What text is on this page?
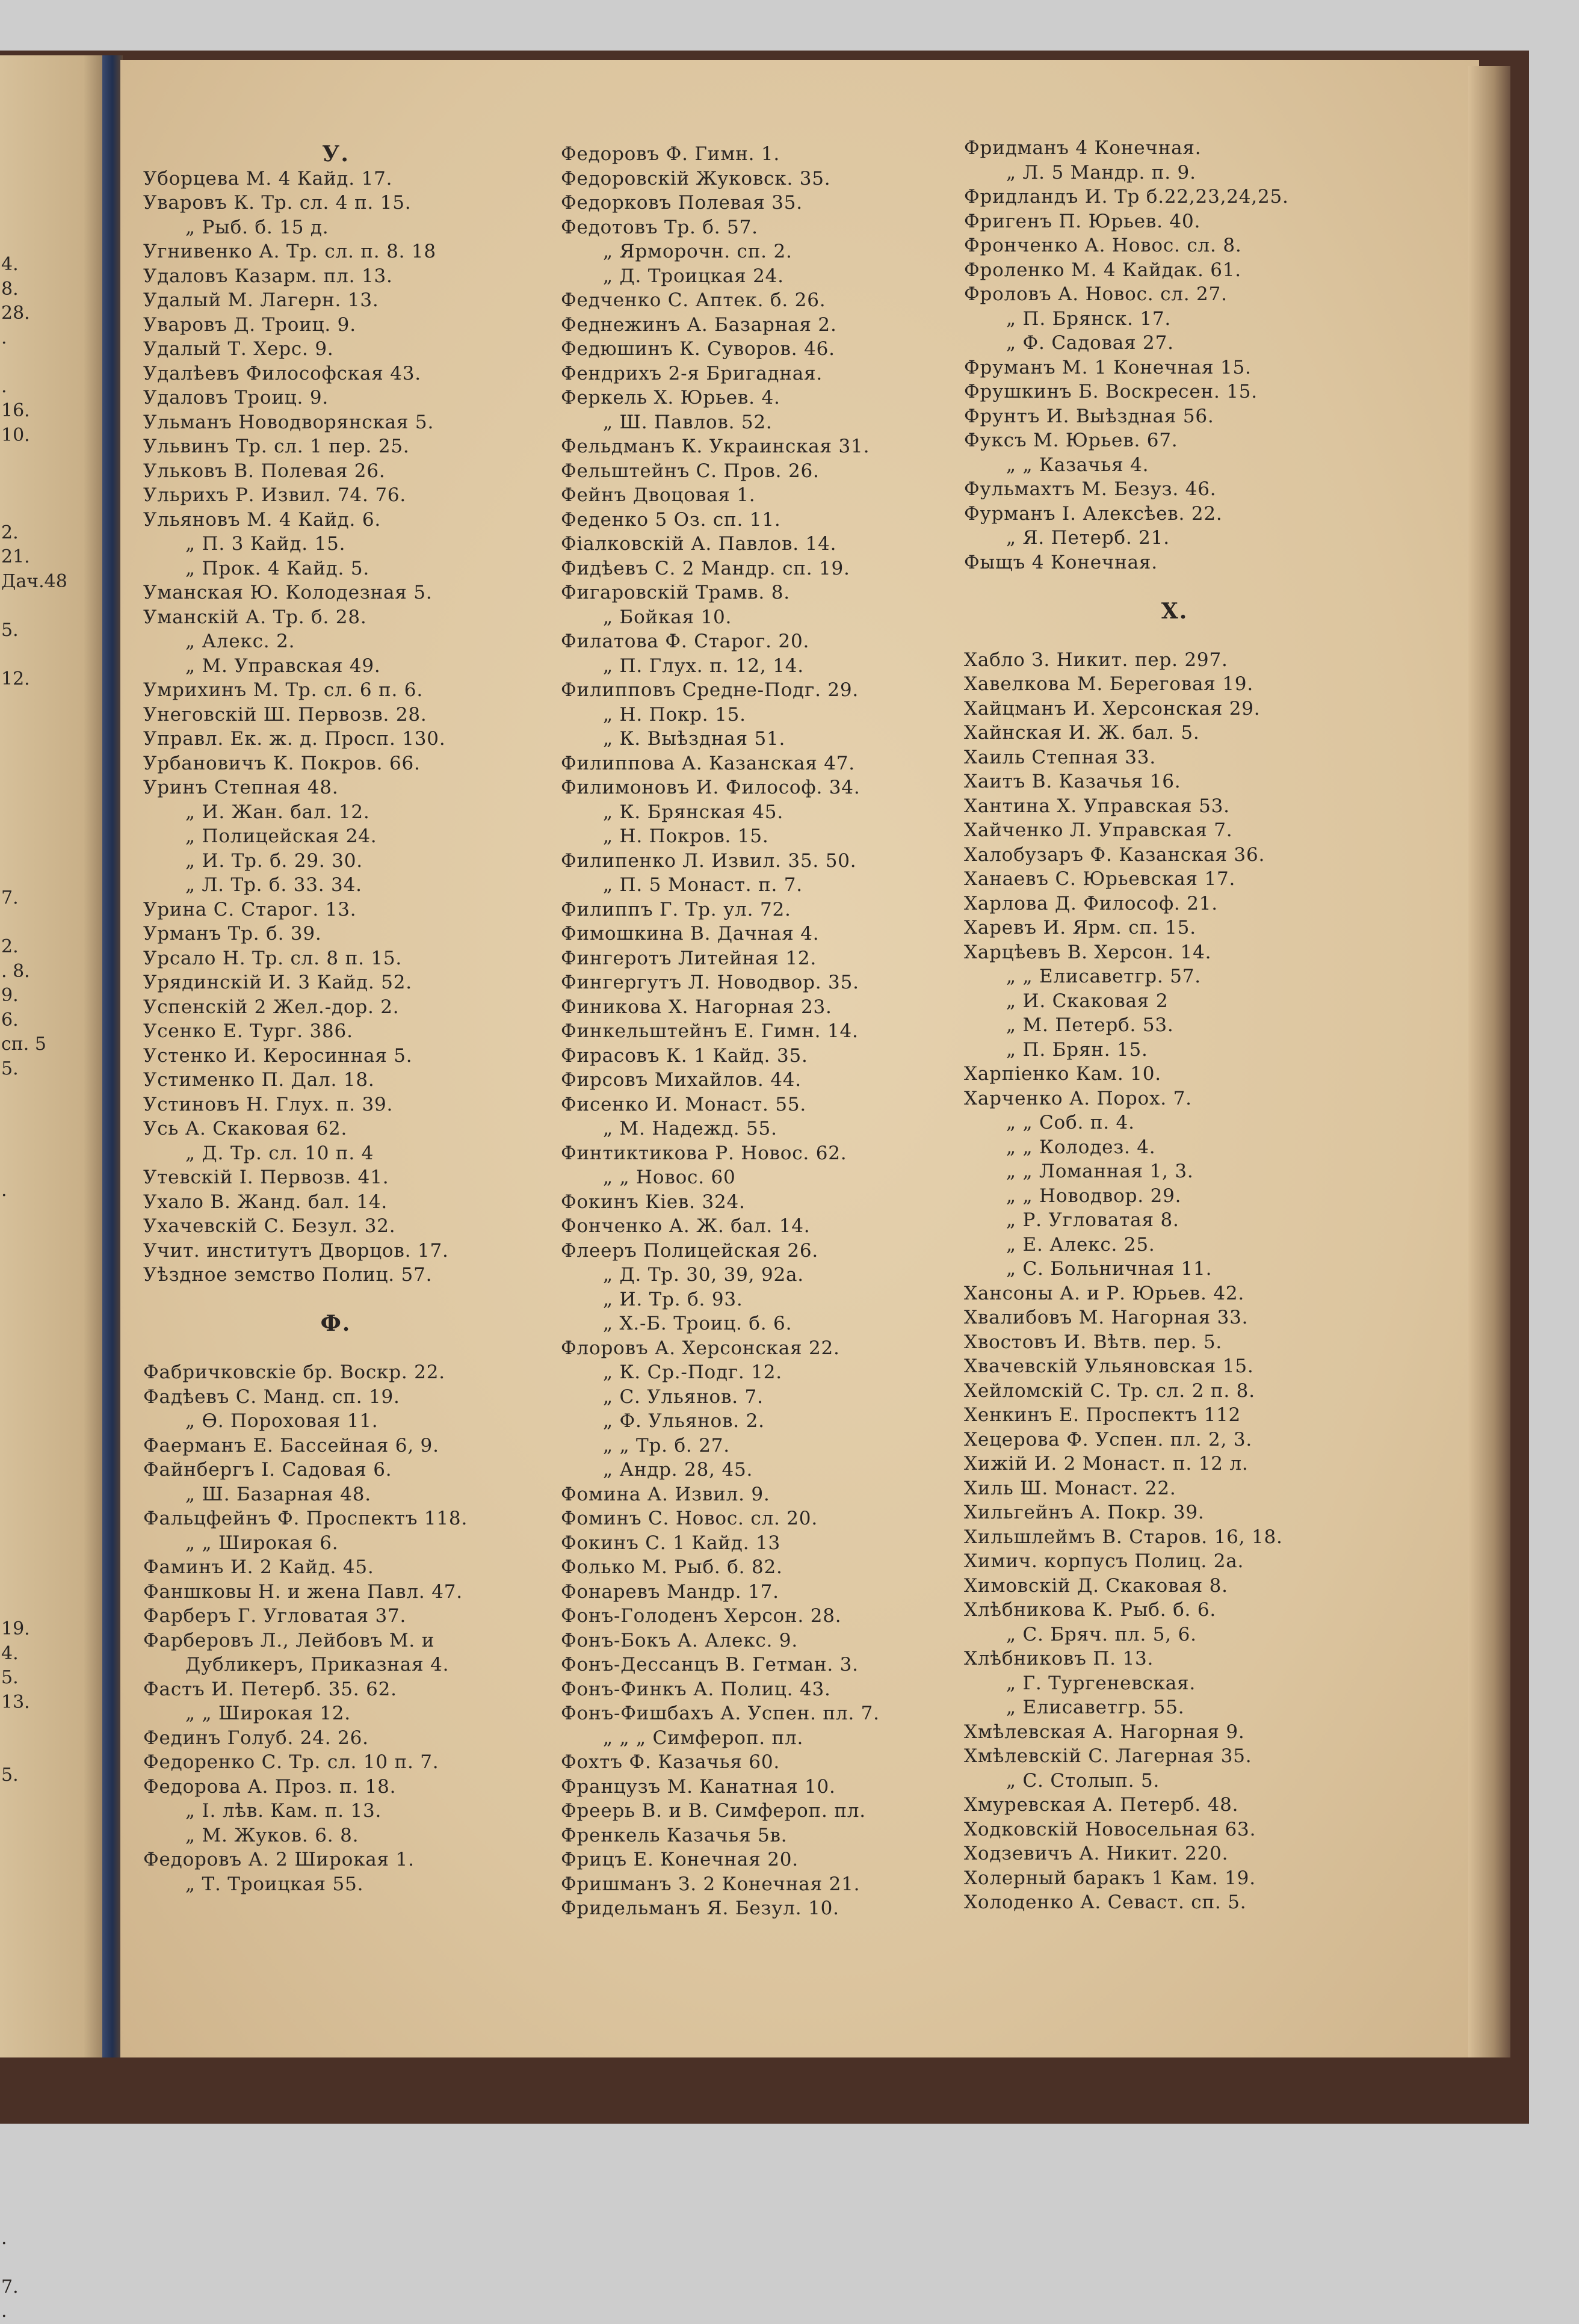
4.
8.
28.
.
.
16.
10.
2.
21.
Дач.48
5.
12.
7.
2.
. 8.
9.
6.
сп. 5
5.
.
19.
4.
5.
13.
5.
.
7.
.
У.
Уборцева М. 4 Кайд. 17.
Уваровъ К. Тр. сл. 4 п. 15.
„ Рыб. б. 15 д.
Угнивенко А. Тр. сл. п. 8. 18
Удаловъ Казарм. пл. 13.
Удалый М. Лагерн. 13.
Уваровъ Д. Троиц. 9.
Удалый Т. Херс. 9.
Удалѣевъ Философская 43.
Удаловъ Троиц. 9.
Ульманъ Новодворянская 5.
Ульвинъ Тр. сл. 1 пер. 25.
Ульковъ В. Полевая 26.
Ульрихъ Р. Извил. 74. 76.
Ульяновъ М. 4 Кайд. 6.
„ П. 3 Кайд. 15.
„ Прок. 4 Кайд. 5.
Уманская Ю. Колодезная 5.
Уманскій А. Тр. б. 28.
„ Алекс. 2.
„ М. Управская 49.
Умрихинъ М. Тр. сл. 6 п. 6.
Унеговскій Ш. Первозв. 28.
Управл. Ек. ж. д. Просп. 130.
Урбановичъ К. Покров. 66.
Уринъ Степная 48.
„ И. Жан. бал. 12.
„ Полицейская 24.
„ И. Тр. б. 29. 30.
„ Л. Тр. б. 33. 34.
Урина С. Старог. 13.
Урманъ Тр. б. 39.
Урсало Н. Тр. сл. 8 п. 15.
Урядинскій И. 3 Кайд. 52.
Успенскій 2 Жел.-дор. 2.
Усенко Е. Тург. 386.
Устенко И. Керосинная 5.
Устименко П. Дал. 18.
Устиновъ Н. Глух. п. 39.
Усь А. Скаковая 62.
„ Д. Тр. сл. 10 п. 4
Утевскій I. Первозв. 41.
Ухало В. Жанд. бал. 14.
Ухачевскій С. Безул. 32.
Учит. институтъ Дворцов. 17.
Уѣздное земство Полиц. 57.
Ф.
Фабричковскіе бр. Воскр. 22.
Фадѣевъ С. Манд. сп. 19.
„ Ѳ. Пороховая 11.
Фаерманъ Е. Бассейная 6, 9.
Файнбергъ І. Садовая 6.
„ Ш. Базарная 48.
Фальцфейнъ Ф. Проспектъ 118.
„ „ Широкая 6.
Фаминъ И. 2 Кайд. 45.
Фаншковы Н. и жена Павл. 47.
Фарберъ Г. Угловатая 37.
Фарберовъ Л., Лейбовъ М. и
Дубликеръ, Приказная 4.
Фастъ И. Петерб. 35. 62.
„ „ Широкая 12.
Фединъ Голуб. 24. 26.
Федоренко С. Тр. сл. 10 п. 7.
Федорова А. Проз. п. 18.
„ І. лѣв. Кам. п. 13.
„ М. Жуков. 6. 8.
Федоровъ А. 2 Широкая 1.
„ Т. Троицкая 55.
Федоровъ Ф. Гимн. 1.
Федоровскій Жуковск. 35.
Федорковъ Полевая 35.
Федотовъ Тр. б. 57.
„ Ярморочн. сп. 2.
„ Д. Троицкая 24.
Федченко С. Аптек. б. 26.
Феднежинъ А. Базарная 2.
Федюшинъ К. Суворов. 46.
Фендрихъ 2-я Бригадная.
Феркель Х. Юрьев. 4.
„ Ш. Павлов. 52.
Фельдманъ К. Украинская 31.
Фельштейнъ С. Пров. 26.
Фейнъ Двоцовая 1.
Феденко 5 Оз. сп. 11.
Фіалковскій А. Павлов. 14.
Фидѣевъ С. 2 Мандр. сп. 19.
Фигаровскій Трамв. 8.
„ Бойкая 10.
Филатова Ф. Старог. 20.
„ П. Глух. п. 12, 14.
Филипповъ Средне-Подг. 29.
„ Н. Покр. 15.
„ К. Выѣздная 51.
Филиппова А. Казанская 47.
Филимоновъ И. Философ. 34.
„ К. Брянская 45.
„ Н. Покров. 15.
Филипенко Л. Извил. 35. 50.
„ П. 5 Монаст. п. 7.
Филиппъ Г. Тр. ул. 72.
Фимошкина В. Дачная 4.
Фингеротъ Литейная 12.
Фингергутъ Л. Новодвор. 35.
Финикова Х. Нагорная 23.
Финкельштейнъ Е. Гимн. 14.
Фирасовъ К. 1 Кайд. 35.
Фирсовъ Михайлов. 44.
Фисенко И. Монаст. 55.
„ М. Надежд. 55.
Финтиктикова Р. Новос. 62.
„ „ Новос. 60
Фокинъ Кіев. 324.
Фонченко А. Ж. бал. 14.
Флееръ Полицейская 26.
„ Д. Тр. 30, 39, 92а.
„ И. Тр. б. 93.
„ Х.-Б. Троиц. б. 6.
Флоровъ А. Херсонская 22.
„ К. Ср.-Подг. 12.
„ С. Ульянов. 7.
„ Ф. Ульянов. 2.
„ „ Тр. б. 27.
„ Андр. 28, 45.
Фомина А. Извил. 9.
Фоминъ С. Новос. сл. 20.
Фокинъ С. 1 Кайд. 13
Фолько М. Рыб. б. 82.
Фонаревъ Мандр. 17.
Фонъ-Голоденъ Херсон. 28.
Фонъ-Бокъ А. Алекс. 9.
Фонъ-Дессанцъ В. Гетман. 3.
Фонъ-Финкъ А. Полиц. 43.
Фонъ-Фишбахъ А. Успен. пл. 7.
„ „ „ Симфероп. пл.
Фохтъ Ф. Казачья 60.
Французъ М. Канатная 10.
Фреерь В. и В. Симфероп. пл.
Френкель Казачья 5в.
Фрицъ Е. Конечная 20.
Фришманъ З. 2 Конечная 21.
Фридельманъ Я. Безул. 10.
Фридманъ 4 Конечная.
„ Л. 5 Мандр. п. 9.
Фридландъ И. Тр б.22,23,24,25.
Фригенъ П. Юрьев. 40.
Фронченко А. Новос. сл. 8.
Фроленко М. 4 Кайдак. 61.
Фроловъ А. Новос. сл. 27.
„ П. Брянск. 17.
„ Ф. Садовая 27.
Фруманъ М. 1 Конечная 15.
Фрушкинъ Б. Воскресен. 15.
Фрунтъ И. Выѣздная 56.
Фуксъ М. Юрьев. 67.
„ „ Казачья 4.
Фульмахтъ М. Безуз. 46.
Фурманъ І. Алексѣев. 22.
„ Я. Петерб. 21.
Фыщъ 4 Конечная.
Х.
Хабло З. Никит. пер. 297.
Хавелкова М. Береговая 19.
Хайцманъ И. Херсонская 29.
Хайнская И. Ж. бал. 5.
Хаиль Степная 33.
Хаитъ В. Казачья 16.
Хантина Х. Управская 53.
Хайченко Л. Управская 7.
Халобузаръ Ф. Казанская 36.
Ханаевъ С. Юрьевская 17.
Харлова Д. Философ. 21.
Харевъ И. Ярм. сп. 15.
Харцѣевъ В. Херсон. 14.
„ „ Елисаветгр. 57.
„ И. Скаковая 2
„ М. Петерб. 53.
„ П. Брян. 15.
Харпіенко Кам. 10.
Харченко А. Порох. 7.
„ „ Соб. п. 4.
„ „ Колодез. 4.
„ „ Ломанная 1, 3.
„ „ Новодвор. 29.
„ Р. Угловатая 8.
„ Е. Алекс. 25.
„ С. Больничная 11.
Хансоны А. и Р. Юрьев. 42.
Хвалибовъ М. Нагорная 33.
Хвостовъ И. Вѣтв. пер. 5.
Хвачевскій Ульяновская 15.
Хейломскій С. Тр. сл. 2 п. 8.
Хенкинъ Е. Проспектъ 112
Хецерова Ф. Успен. пл. 2, 3.
Хижій И. 2 Монаст. п. 12 л.
Хиль Ш. Монаст. 22.
Хильгейнъ А. Покр. 39.
Хильшлеймъ В. Старов. 16, 18.
Химич. корпусъ Полиц. 2а.
Химовскій Д. Скаковая 8.
Хлѣбникова К. Рыб. б. 6.
„ С. Бряч. пл. 5, 6.
Хлѣбниковъ П. 13.
„ Г. Тургеневская.
„ Елисаветгр. 55.
Хмѣлевская А. Нагорная 9.
Хмѣлевскій С. Лагерная 35.
„ С. Столып. 5.
Хмуревская А. Петерб. 48.
Ходковскій Новосельная 63.
Ходзевичъ А. Никит. 220.
Холерный баракъ 1 Кам. 19.
Холоденко А. Севаст. сп. 5.
